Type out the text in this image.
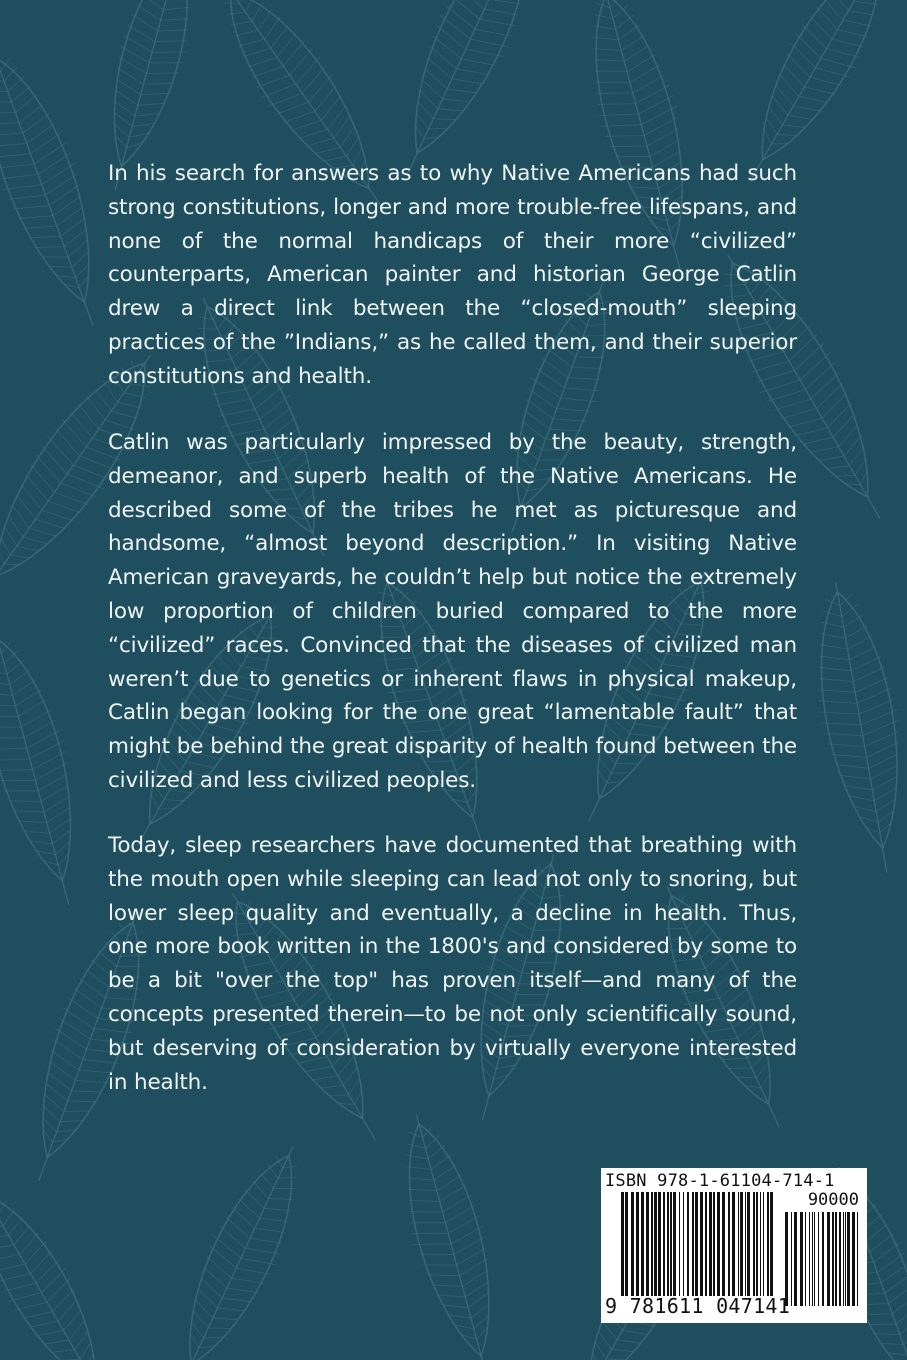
In his search for answers as to why Native Americans had such strong constitutions, longer and more trouble-free lifespans, and none of the normal handicaps of their more “civilized” counterparts, American painter and historian George Catlin drew a direct link between the “closed-mouth” sleeping practices of the ”Indians,” as he called them, and their superior constitutions and health.

Catlin was particularly impressed by the beauty, strength, demeanor, and superb health of the Native Americans. He described some of the tribes he met as picturesque and handsome, “almost beyond description.” In visiting Native American graveyards, he couldn’t help but notice the extremely low proportion of children buried compared to the more “civilized” races. Convinced that the diseases of civilized man weren’t due to genetics or inherent flaws in physical makeup, Catlin began looking for the one great “lamentable fault” that might be behind the great disparity of health found between the civilized and less civilized peoples.

Today, sleep researchers have documented that breathing with the mouth open while sleeping can lead not only to snoring, but lower sleep quality and eventually, a decline in health. Thus, one more book written in the 1800's and considered by some to be a bit "over the top" has proven itself—and many of the concepts presented therein—to be not only scientifically sound, but deserving of consideration by virtually everyone interested in health.

ISBN 978-1-61104-714-1
90000
9 781611 047141
